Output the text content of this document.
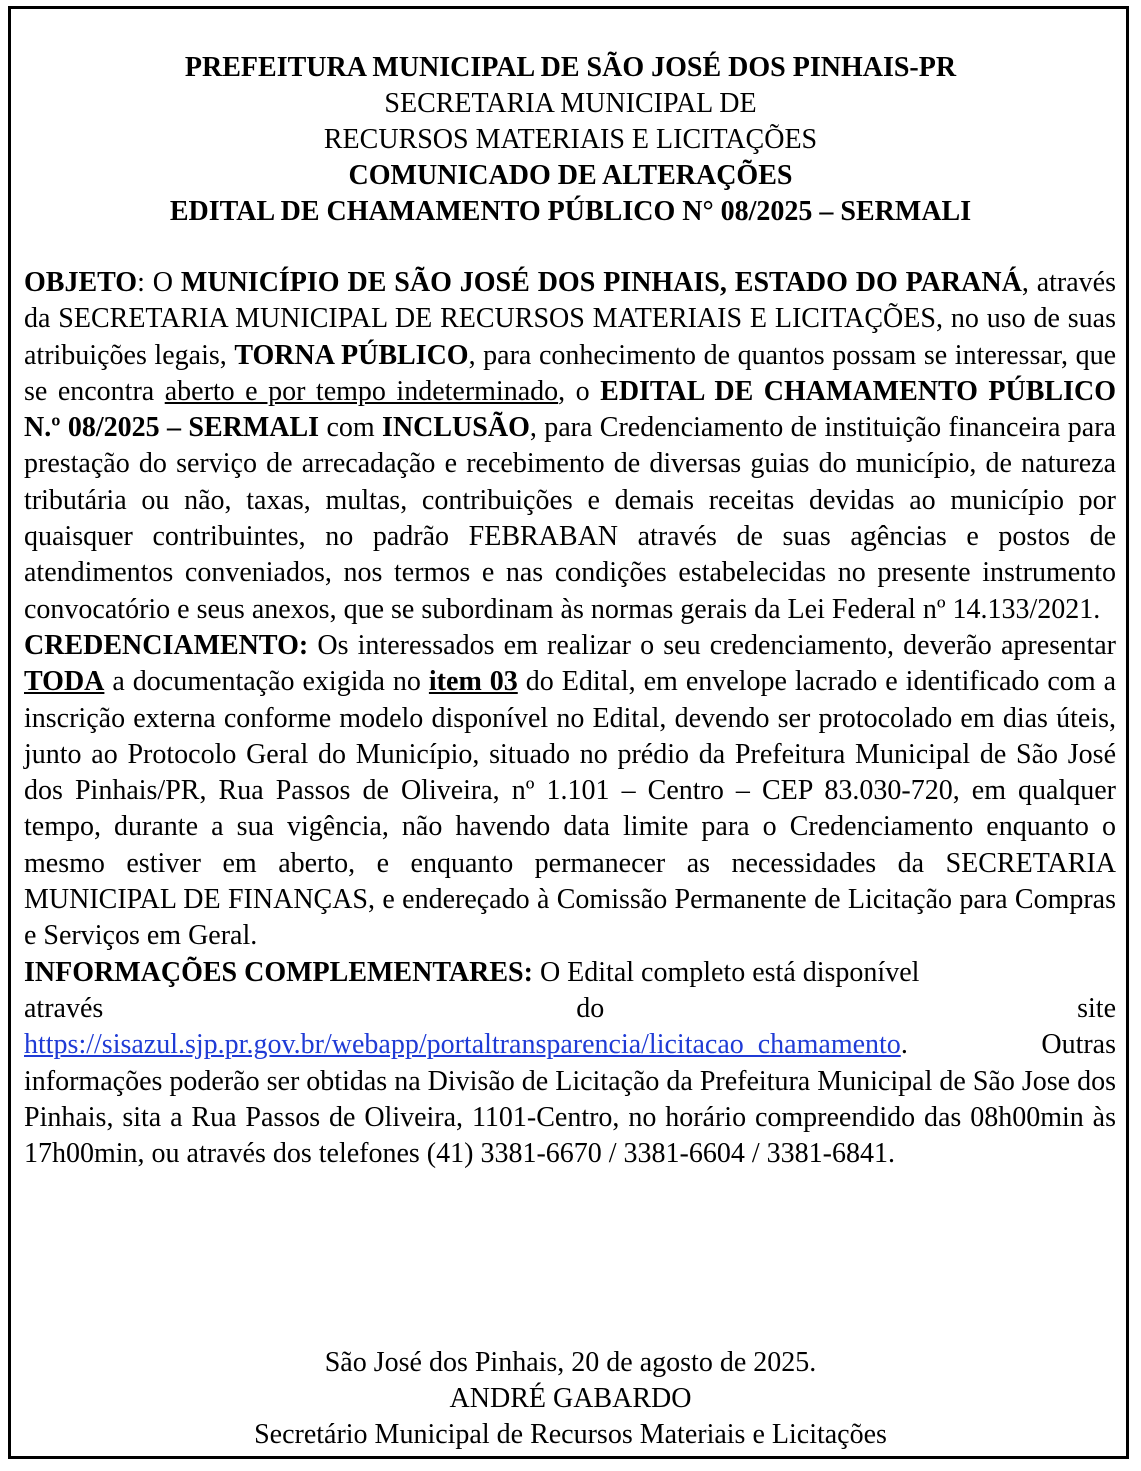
PREFEITURA MUNICIPAL DE SÃO JOSÉ DOS PINHAIS-PR
SECRETARIA MUNICIPAL DE
RECURSOS MATERIAIS E LICITAÇÕES
COMUNICADO DE ALTERAÇÕES
EDITAL DE CHAMAMENTO PÚBLICO N° 08/2025 – SERMALI

OBJETO: O MUNICÍPIO DE SÃO JOSÉ DOS PINHAIS, ESTADO DO PARANÁ, através da SECRETARIA MUNICIPAL DE RECURSOS MATERIAIS E LICITAÇÕES, no uso de suas atribuições legais, TORNA PÚBLICO, para conhecimento de quantos possam se interessar, que se encontra aberto e por tempo indeterminado, o EDITAL DE CHAMAMENTO PÚBLICO N.º 08/2025 – SERMALI com INCLUSÃO, para Credenciamento de instituição financeira para prestação do serviço de arrecadação e recebimento de diversas guias do município, de natureza tributária ou não, taxas, multas, contribuições e demais receitas devidas ao município por quaisquer contribuintes, no padrão FEBRABAN através de suas agências e postos de atendimentos conveniados, nos termos e nas condições estabelecidas no presente instrumento convocatório e seus anexos, que se subordinam às normas gerais da Lei Federal nº 14.133/2021.

CREDENCIAMENTO: Os interessados em realizar o seu credenciamento, deverão apresentar TODA a documentação exigida no item 03 do Edital, em envelope lacrado e identificado com a inscrição externa conforme modelo disponível no Edital, devendo ser protocolado em dias úteis, junto ao Protocolo Geral do Município, situado no prédio da Prefeitura Municipal de São José dos Pinhais/PR, Rua Passos de Oliveira, nº 1.101 – Centro – CEP 83.030-720, em qualquer tempo, durante a sua vigência, não havendo data limite para o Credenciamento enquanto o mesmo estiver em aberto, e enquanto permanecer as necessidades da SECRETARIA MUNICIPAL DE FINANÇAS, e endereçado à Comissão Permanente de Licitação para Compras e Serviços em Geral.

INFORMAÇÕES COMPLEMENTARES: O Edital completo está disponível

através	do	site

https://sisazul.sjp.pr.gov.br/webapp/portaltransparencia/licitacao_chamamento. Outras informações poderão ser obtidas na Divisão de Licitação da Prefeitura Municipal de São Jose dos Pinhais, sita a Rua Passos de Oliveira, 1101-Centro, no horário compreendido das 08h00min às 17h00min, ou através dos telefones (41) 3381-6670 / 3381-6604 / 3381-6841.

São José dos Pinhais, 20 de agosto de 2025.
ANDRÉ GABARDO
Secretário Municipal de Recursos Materiais e Licitações
